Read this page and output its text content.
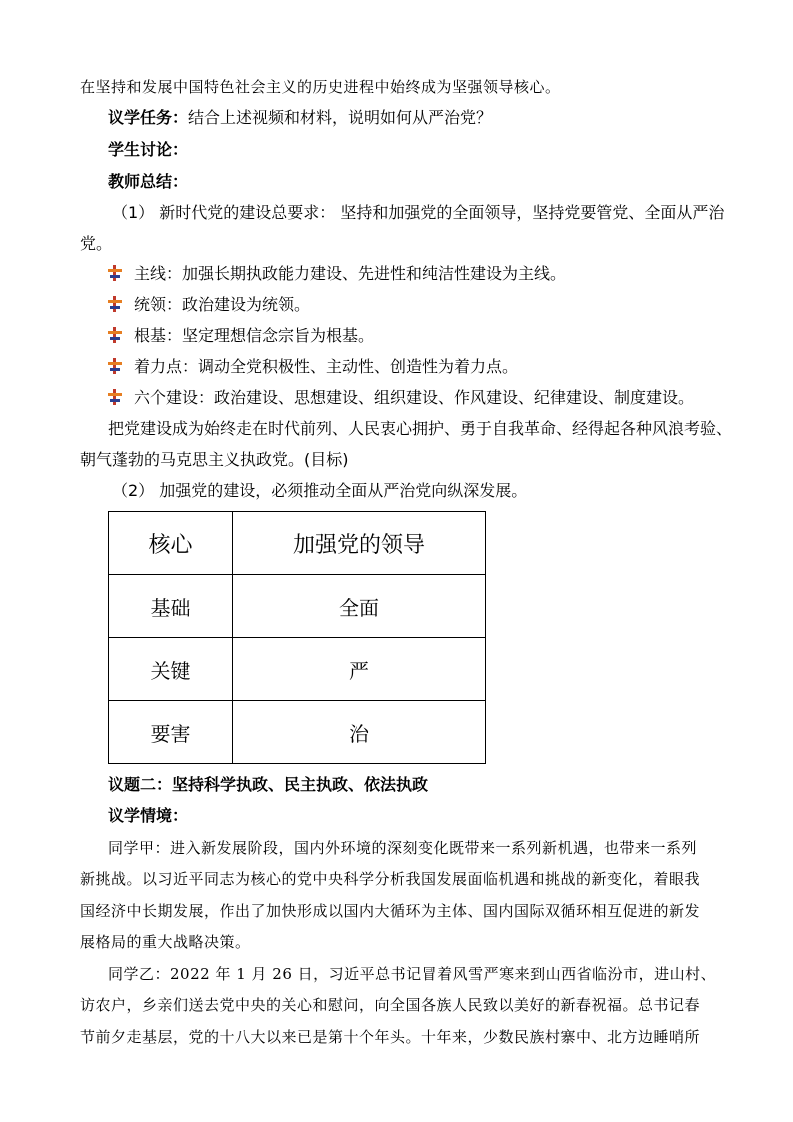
在坚持和发展中国特色社会主义的历史进程中始终成为坚强领导核心。
议学任务：结合上述视频和材料，说明如何从严治党？
学生讨论：
教师总结：
（1） 新时代党的建设总要求： 坚持和加强党的全面领导，坚持党要管党、全面从严治
党。
主线：加强长期执政能力建设、先进性和纯洁性建设为主线。
统领：政治建设为统领。
根基：坚定理想信念宗旨为根基。
着力点：调动全党积极性、主动性、创造性为着力点。
六个建设：政治建设、思想建设、组织建设、作风建设、纪律建设、制度建设。
把党建设成为始终走在时代前列、人民衷心拥护、勇于自我革命、经得起各种风浪考验、
朝气蓬勃的马克思主义执政党。(目标)
（2） 加强党的建设，必须推动全面从严治党向纵深发展。
核心	加强党的领导
基础	全面
关键	严
要害	治
议题二：坚持科学执政、民主执政、依法执政
议学情境：
同学甲：进入新发展阶段，国内外环境的深刻变化既带来一系列新机遇，也带来一系列
新挑战。以习近平同志为核心的党中央科学分析我国发展面临机遇和挑战的新变化，着眼我
国经济中长期发展，作出了加快形成以国内大循环为主体、国内国际双循环相互促进的新发
展格局的重大战略决策。
同学乙：2022 年 1 月 26 日，习近平总书记冒着风雪严寒来到山西省临汾市，进山村、
访农户，乡亲们送去党中央的关心和慰问，向全国各族人民致以美好的新春祝福。总书记春
节前夕走基层，党的十八大以来已是第十个年头。十年来，少数民族村寨中、北方边睡哨所
